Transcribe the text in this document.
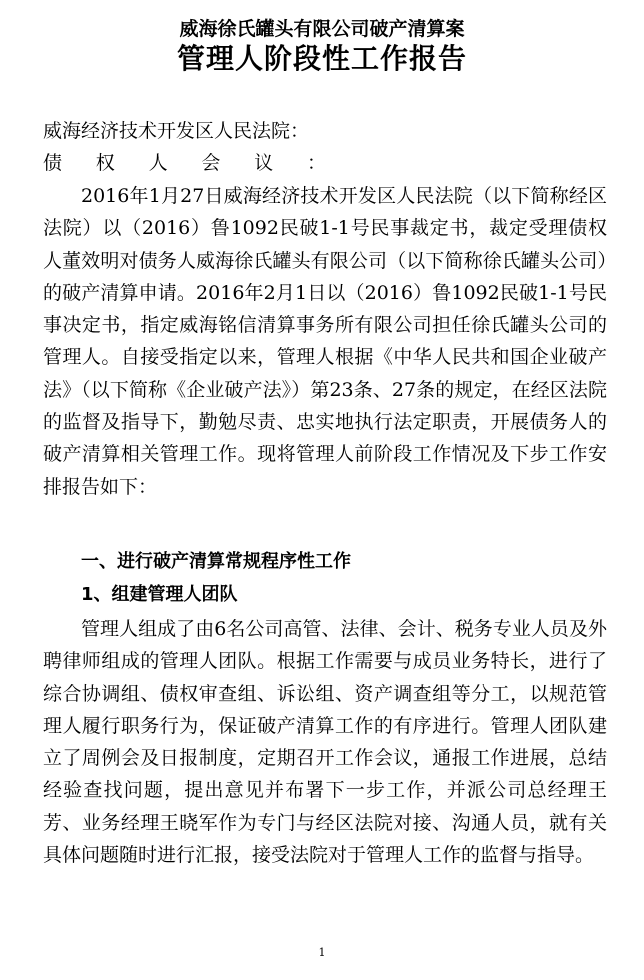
威海徐氏罐头有限公司破产清算案
管理人阶段性工作报告
威海经济技术开发区人民法院：
债权人会议：

2016年1月27日威海经济技术开发区人民法院（以下简称经区法院）以（2016）鲁1092民破1-1号民事裁定书，裁定受理债权人董效明对债务人威海徐氏罐头有限公司（以下简称徐氏罐头公司）的破产清算申请。2016年2月1日以（2016）鲁1092民破1-1号民事决定书，指定威海铭信清算事务所有限公司担任徐氏罐头公司的管理人。自接受指定以来，管理人根据《中华人民共和国企业破产法》（以下简称《企业破产法》）第23条、27条的规定，在经区法院的监督及指导下，勤勉尽责、忠实地执行法定职责，开展债务人的破产清算相关管理工作。现将管理人前阶段工作情况及下步工作安排报告如下：

一、进行破产清算常规程序性工作
1、组建管理人团队

管理人组成了由6名公司高管、法律、会计、税务专业人员及外聘律师组成的管理人团队。根据工作需要与成员业务特长，进行了综合协调组、债权审查组、诉讼组、资产调查组等分工，以规范管理人履行职务行为，保证破产清算工作的有序进行。管理人团队建立了周例会及日报制度，定期召开工作会议，通报工作进展，总结经验查找问题，提出意见并布署下一步工作，并派公司总经理王芳、业务经理王晓军作为专门与经区法院对接、沟通人员，就有关具体问题随时进行汇报，接受法院对于管理人工作的监督与指导。

1
